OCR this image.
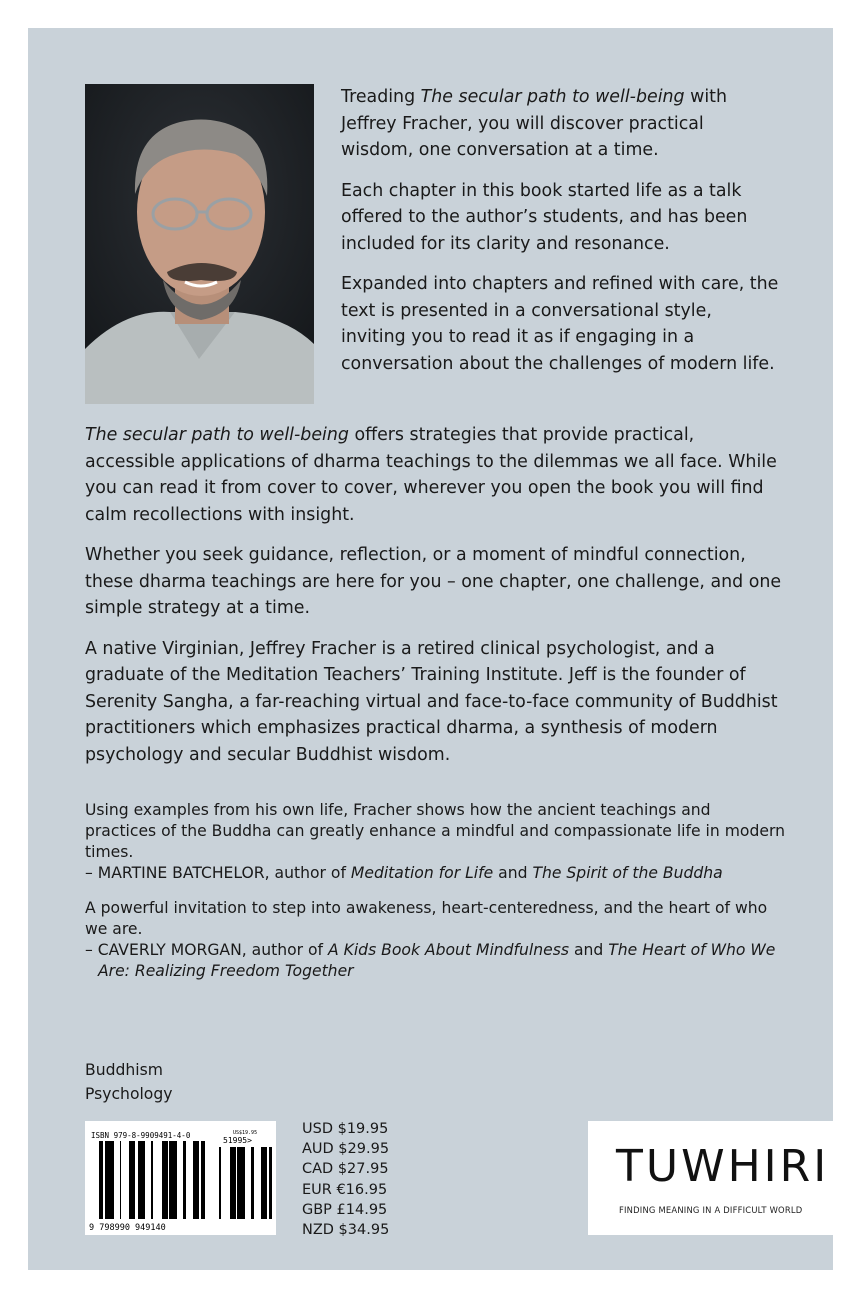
Treading The secular path to well-being with Jeffrey Fracher, you will discover practical wisdom, one conversation at a time.

Each chapter in this book started life as a talk offered to the author’s students, and has been included for its clarity and resonance.

Expanded into chapters and refined with care, the text is presented in a conversational style, inviting you to read it as if engaging in a conversation about the challenges of modern life.

The secular path to well-being offers strategies that provide practical, accessible applications of dharma teachings to the dilemmas we all face. While you can read it from cover to cover, wherever you open the book you will find calm recollections with insight.

Whether you seek guidance, reflection, or a moment of mindful connection, these dharma teachings are here for you – one chapter, one challenge, and one simple strategy at a time.

A native Virginian, Jeffrey Fracher is a retired clinical psychologist, and a graduate of the Meditation Teachers’ Training Institute. Jeff is the founder of Serenity Sangha, a far-reaching virtual and face-to-face community of Buddhist practitioners which emphasizes practical dharma, a synthesis of modern psychology and secular Buddhist wisdom.

Using examples from his own life, Fracher shows how the ancient teachings and practices of the Buddha can greatly enhance a mindful and compassionate life in modern times.

– MARTINE BATCHELOR, author of Meditation for Life and The Spirit of the Buddha

A powerful invitation to step into awakeness, heart-centeredness, and the heart of who we are.

– CAVERLY MORGAN, author of A Kids Book About Mindfulness and The Heart of Who We Are: Realizing Freedom Together

Buddhism
Psychology
ISBN 979-8-9909491-4-0	US$19.95
51995>
9 798990 949140
USD $19.95
AUD $29.95
CAD $27.95
EUR €16.95
GBP £14.95
NZD $34.95
TUWHIRI
FINDING MEANING IN A DIFFICULT WORLD
